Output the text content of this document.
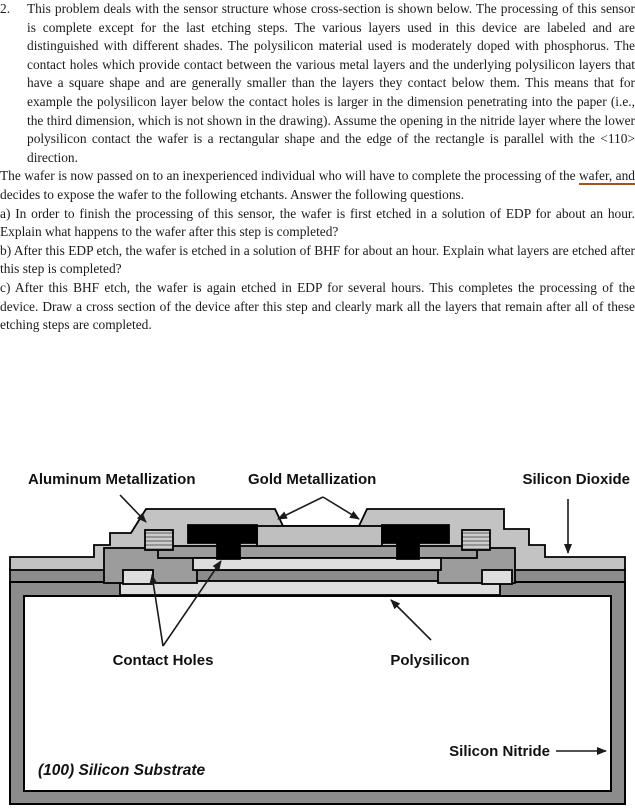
2.	This problem deals with the sensor structure whose cross-section is shown below. The processing of this sensor is complete except for the last etching steps. The various layers used in this device are labeled and are distinguished with different shades. The polysilicon material used is moderately doped with phosphorus. The contact holes which provide contact between the various metal layers and the underlying polysilicon layers that have a square shape and are generally smaller than the layers they contact below them. This means that for example the polysilicon layer below the contact holes is larger in the dimension penetrating into the paper (i.e., the third dimension, which is not shown in the drawing). Assume the opening in the nitride layer where the lower polysilicon contact the wafer is a rectangular shape and the edge of the rectangle is parallel with the <110> direction.

The wafer is now passed on to an inexperienced individual who will have to complete the processing of the wafer, and decides to expose the wafer to the following etchants. Answer the following questions.

a) In order to finish the processing of this sensor, the wafer is first etched in a solution of EDP for about an hour. Explain what happens to the wafer after this step is completed?

b) After this EDP etch, the wafer is etched in a solution of BHF for about an hour. Explain what layers are etched after this step is completed?

c) After this BHF etch, the wafer is again etched in EDP for several hours. This completes the processing of the device. Draw a cross section of the device after this step and clearly mark all the layers that remain after all of these etching steps are completed.

Aluminum Metallization	Gold Metallization	Silicon Dioxide
Contact Holes	Polysilicon
Silicon Nitride
(100) Silicon Substrate
